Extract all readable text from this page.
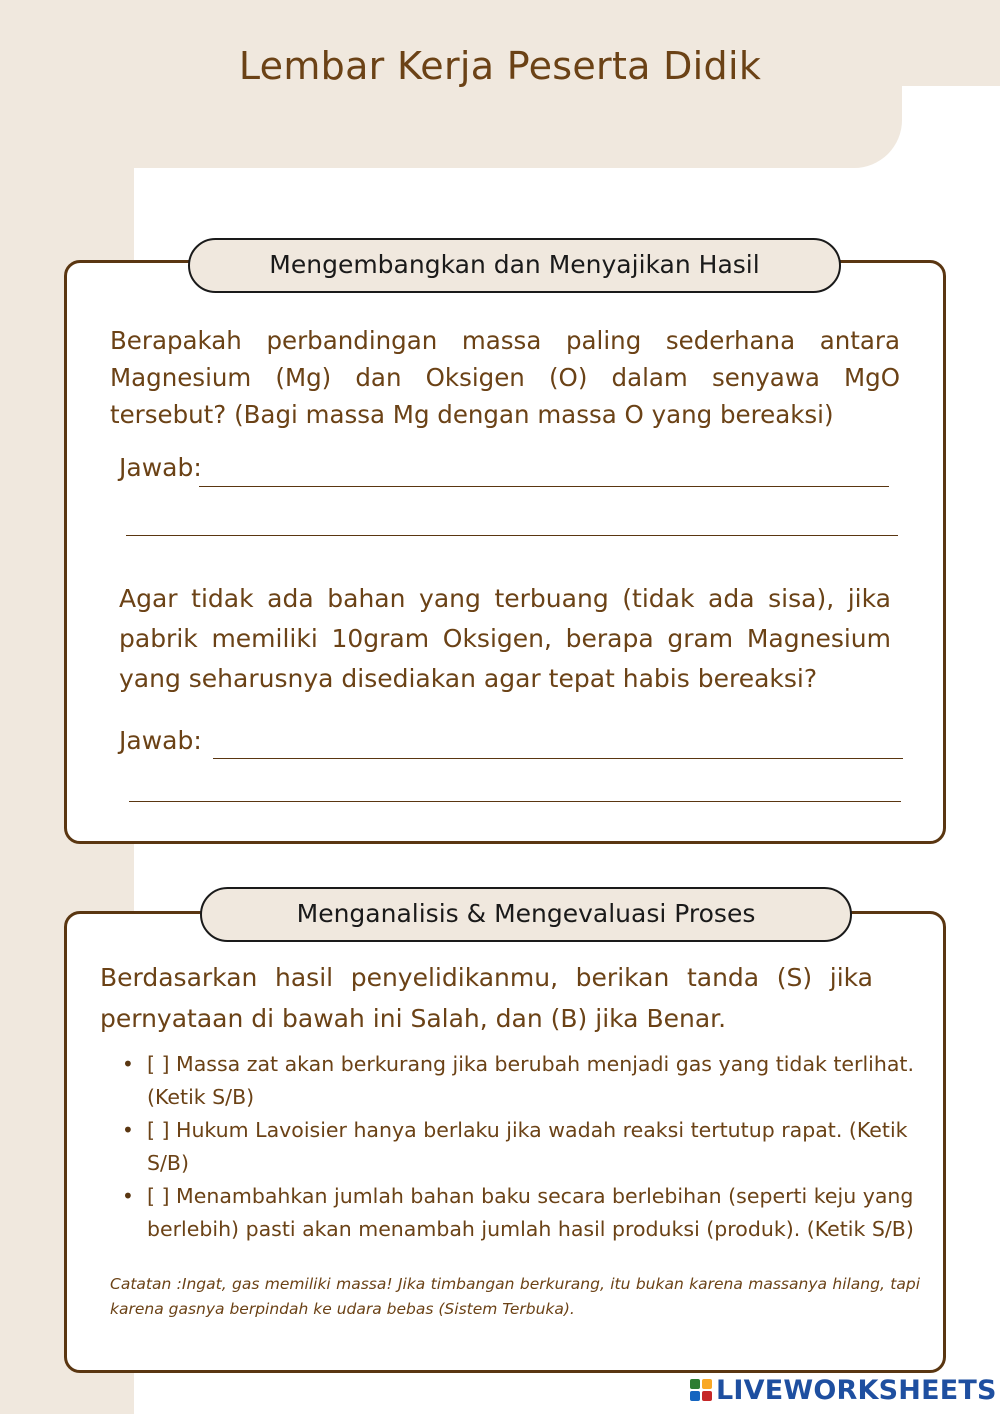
Lembar Kerja Peserta Didik
Mengembangkan dan Menyajikan Hasil

Berapakah perbandingan massa paling sederhana antara Magnesium (Mg) dan Oksigen (O) dalam senyawa MgO tersebut? (Bagi massa Mg dengan massa O yang bereaksi)

Jawab:

Agar tidak ada bahan yang terbuang (tidak ada sisa), jika pabrik memiliki 10gram Oksigen, berapa gram Magnesium yang seharusnya disediakan agar tepat habis bereaksi?

Jawab:
Menganalisis & Mengevaluasi Proses

Berdasarkan hasil penyelidikanmu, berikan tanda (S) jika pernyataan di bawah ini Salah, dan (B) jika Benar.

• [ ] Massa zat akan berkurang jika berubah menjadi gas yang tidak terlihat. (Ketik S/B)
• [ ] Hukum Lavoisier hanya berlaku jika wadah reaksi tertutup rapat. (Ketik S/B)
• [ ] Menambahkan jumlah bahan baku secara berlebihan (seperti keju yang berlebih) pasti akan menambah jumlah hasil produksi (produk). (Ketik S/B)

Catatan :Ingat, gas memiliki massa! Jika timbangan berkurang, itu bukan karena massanya hilang, tapi karena gasnya berpindah ke udara bebas (Sistem Terbuka).

LIVEWORKSHEETS
